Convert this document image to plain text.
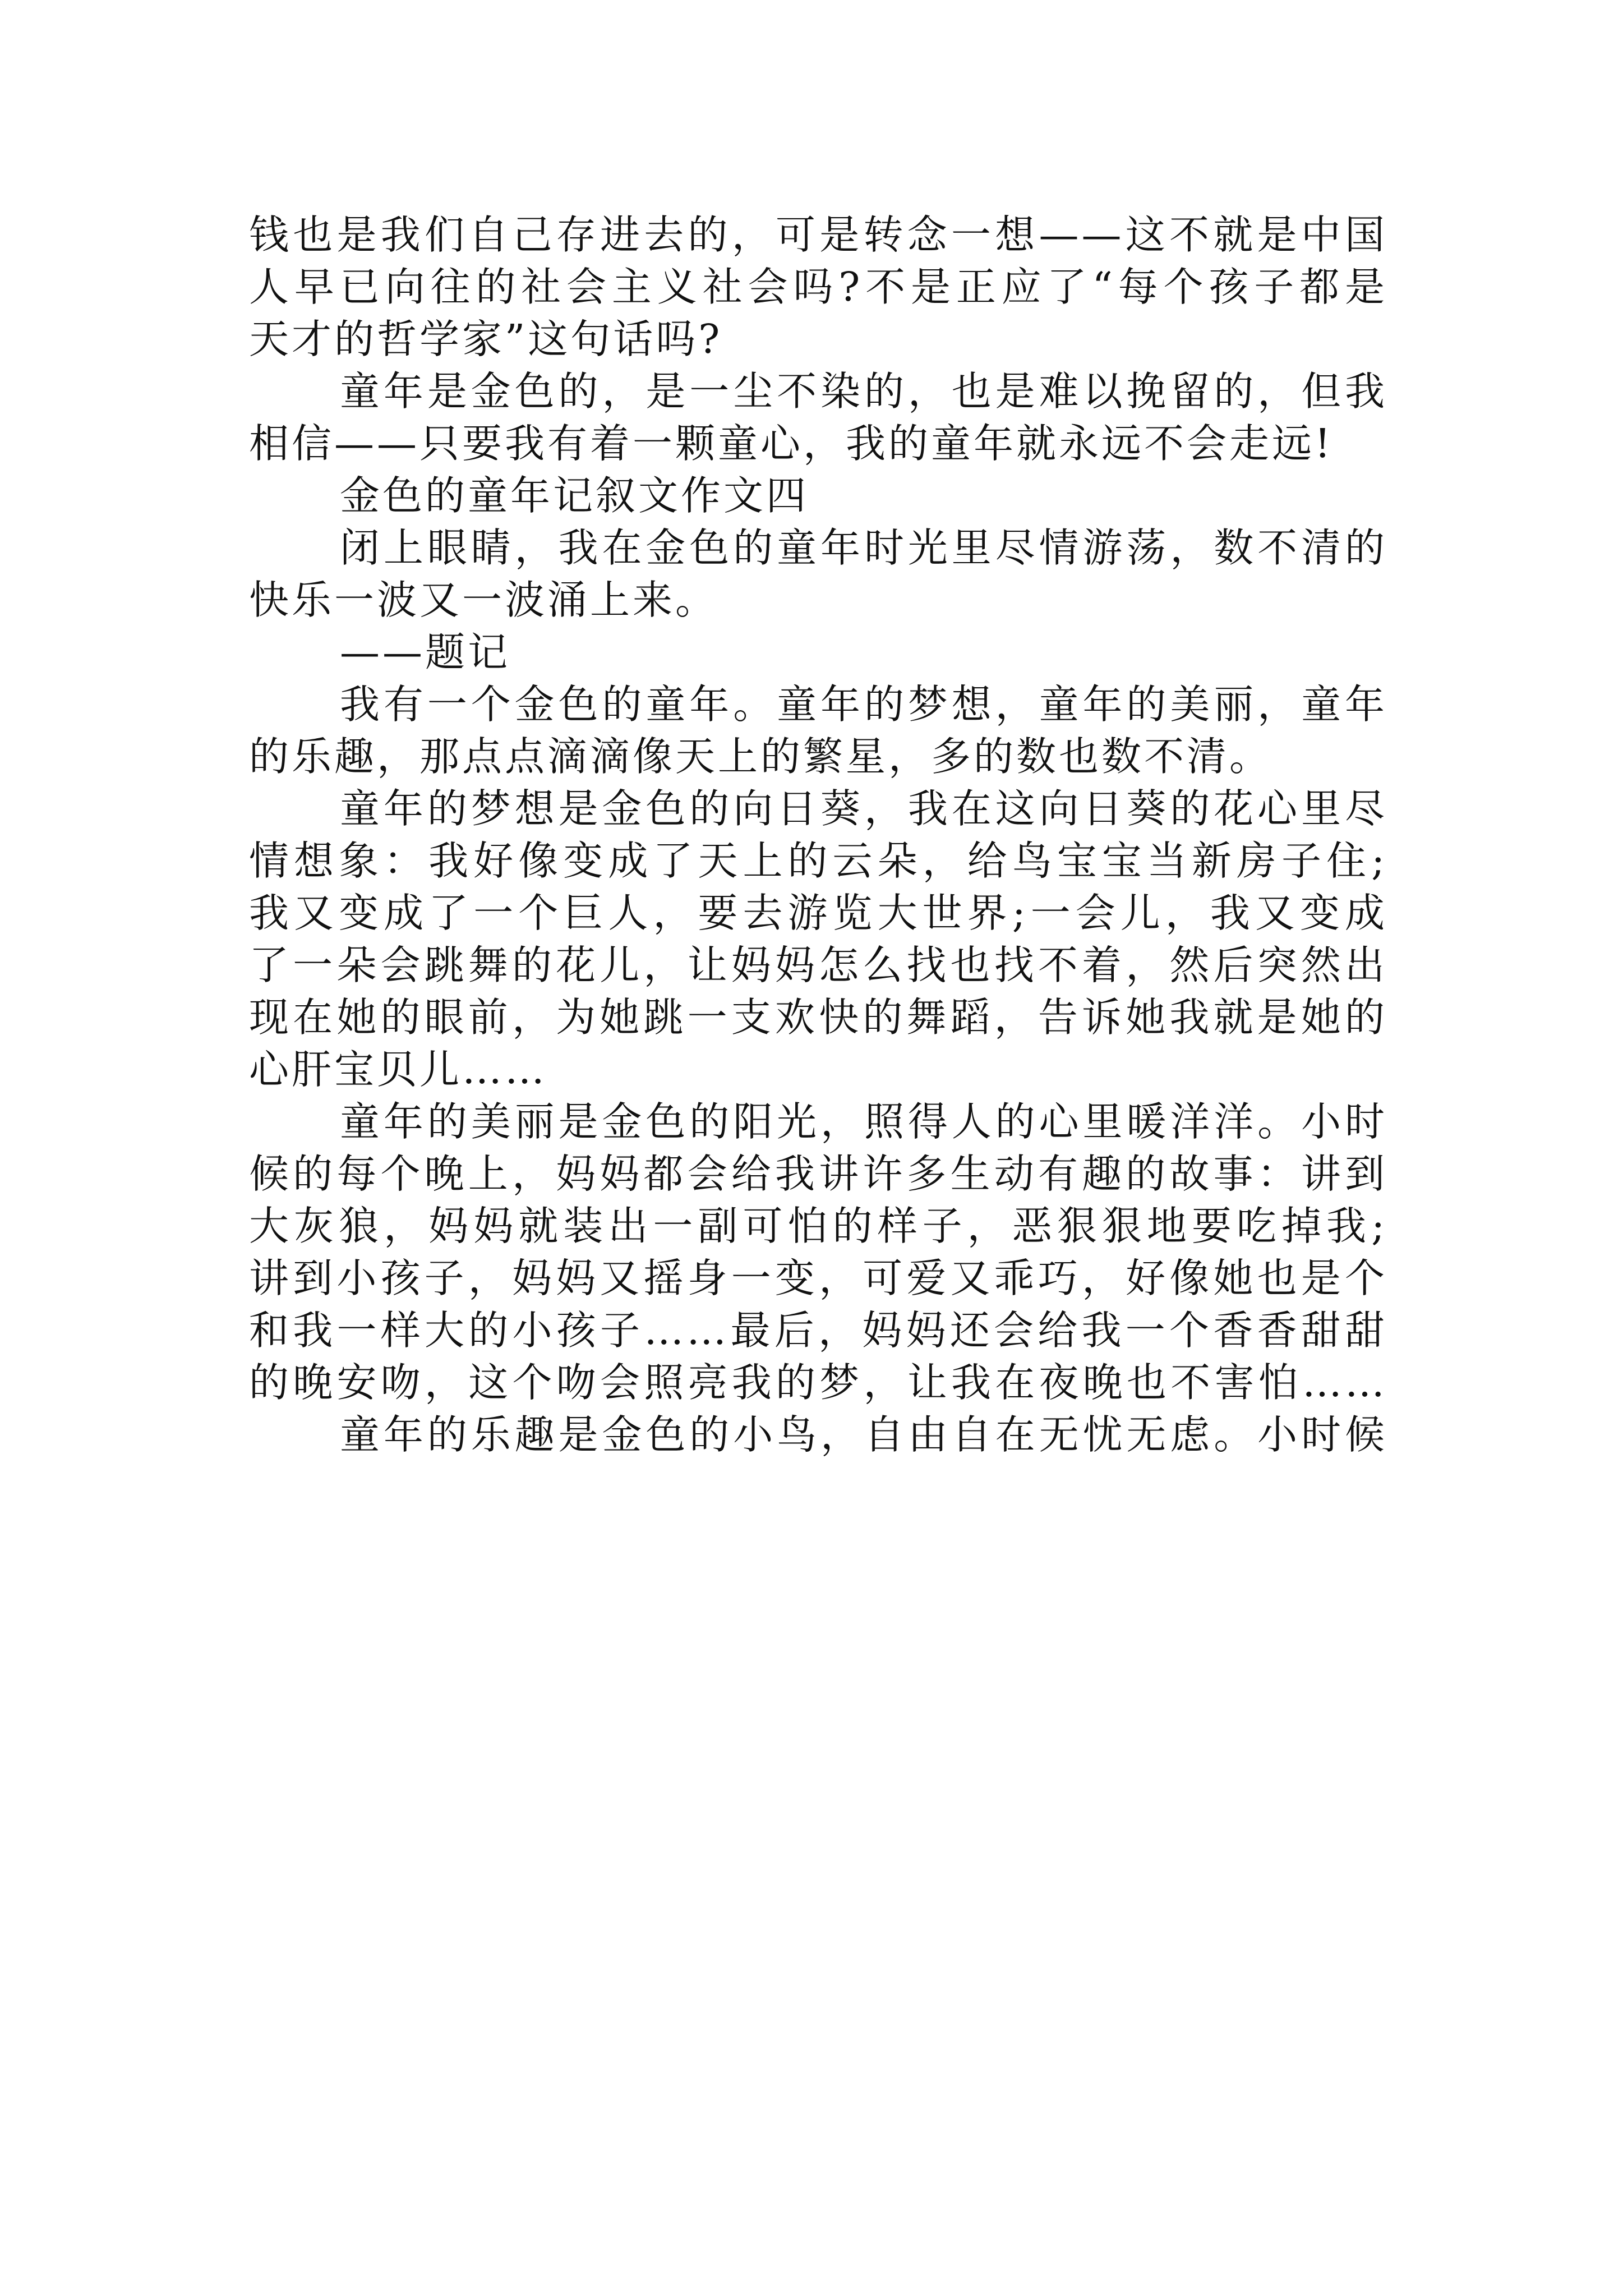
钱也是我们自己存进去的，可是转念一想——这不就是中国
人早已向往的社会主义社会吗?不是正应了“每个孩子都是
天才的哲学家”这句话吗?
童年是金色的，是一尘不染的，也是难以挽留的，但我
相信——只要我有着一颗童心，我的童年就永远不会走远!
金色的童年记叙文作文四
闭上眼睛，我在金色的童年时光里尽情游荡，数不清的
快乐一波又一波涌上来。
——题记
我有一个金色的童年。童年的梦想，童年的美丽，童年
的乐趣，那点点滴滴像天上的繁星，多的数也数不清。
童年的梦想是金色的向日葵，我在这向日葵的花心里尽
情想象：我好像变成了天上的云朵，给鸟宝宝当新房子住;
我又变成了一个巨人，要去游览大世界;一会儿，我又变成
了一朵会跳舞的花儿，让妈妈怎么找也找不着，然后突然出
现在她的眼前，为她跳一支欢快的舞蹈，告诉她我就是她的
心肝宝贝儿……
童年的美丽是金色的阳光，照得人的心里暖洋洋。小时
候的每个晚上，妈妈都会给我讲许多生动有趣的故事：讲到
大灰狼，妈妈就装出一副可怕的样子，恶狠狠地要吃掉我;
讲到小孩子，妈妈又摇身一变，可爱又乖巧，好像她也是个
和我一样大的小孩子……最后，妈妈还会给我一个香香甜甜
的晚安吻，这个吻会照亮我的梦，让我在夜晚也不害怕……
童年的乐趣是金色的小鸟，自由自在无忧无虑。小时候
